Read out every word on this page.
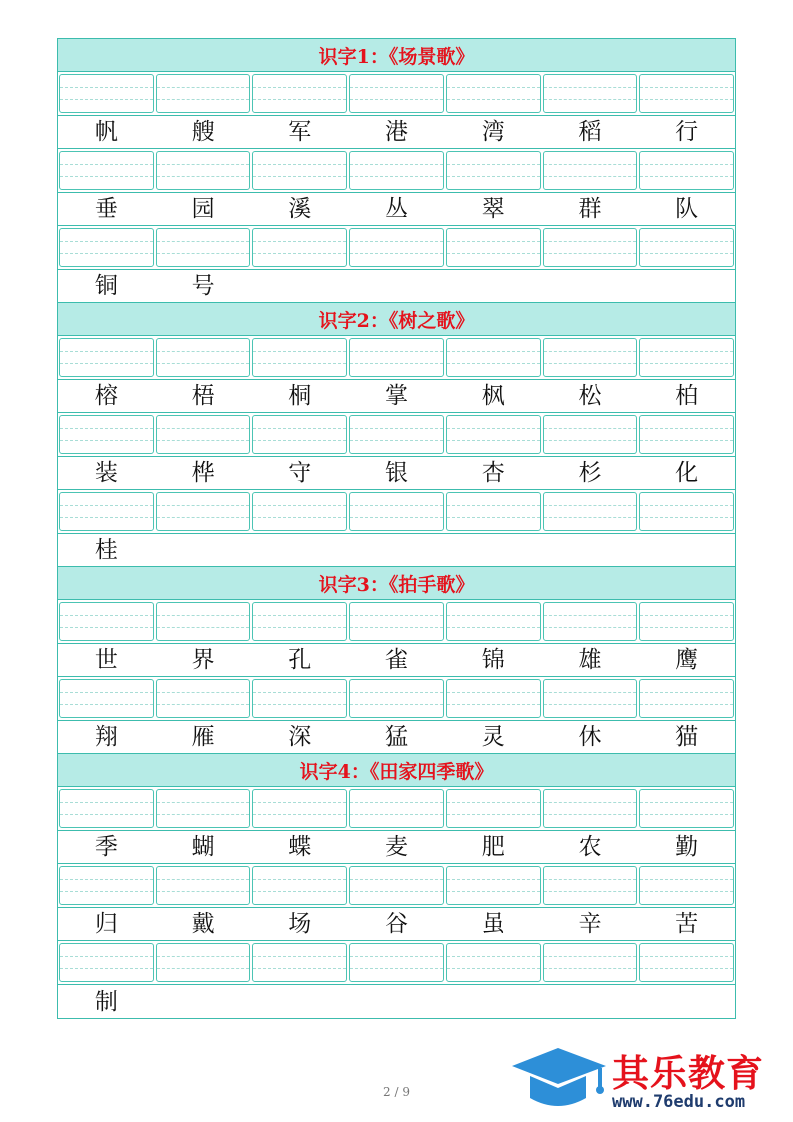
识字1：《场景歌》
帆	艘	军	港	湾	稻	行
垂	园	溪	丛	翠	群	队
铜	号
识字2：《树之歌》
榕	梧	桐	掌	枫	松	柏
装	桦	守	银	杏	杉	化
桂
识字3：《拍手歌》
世	界	孔	雀	锦	雄	鹰
翔	雁	深	猛	灵	休	猫
识字4：《田家四季歌》
季	蝴	蝶	麦	肥	农	勤
归	戴	场	谷	虽	辛	苦
制
2 / 9	其乐教育
www.76edu.com
